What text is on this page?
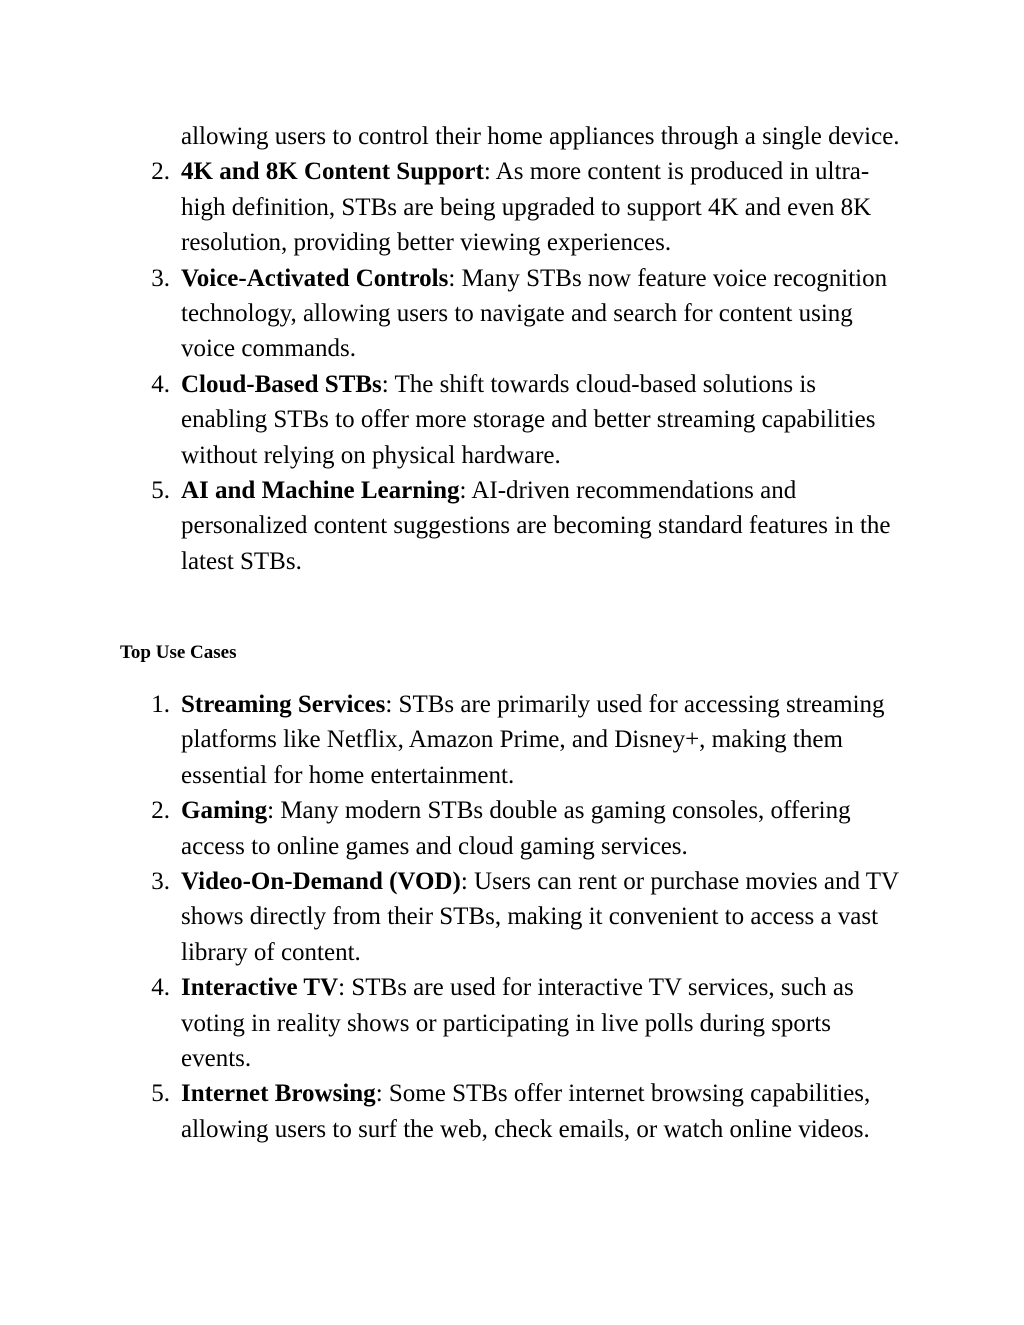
allowing users to control their home appliances through a single device.
2. 4K and 8K Content Support: As more content is produced in ultra-high definition, STBs are being upgraded to support 4K and even 8K resolution, providing better viewing experiences.
3. Voice-Activated Controls: Many STBs now feature voice recognition technology, allowing users to navigate and search for content using voice commands.
4. Cloud-Based STBs: The shift towards cloud-based solutions is enabling STBs to offer more storage and better streaming capabilities without relying on physical hardware.
5. AI and Machine Learning: AI-driven recommendations and personalized content suggestions are becoming standard features in the latest STBs.
Top Use Cases
1. Streaming Services: STBs are primarily used for accessing streaming platforms like Netflix, Amazon Prime, and Disney+, making them essential for home entertainment.
2. Gaming: Many modern STBs double as gaming consoles, offering access to online games and cloud gaming services.
3. Video-On-Demand (VOD): Users can rent or purchase movies and TV shows directly from their STBs, making it convenient to access a vast library of content.
4. Interactive TV: STBs are used for interactive TV services, such as voting in reality shows or participating in live polls during sports events.
5. Internet Browsing: Some STBs offer internet browsing capabilities, allowing users to surf the web, check emails, or watch online videos.
